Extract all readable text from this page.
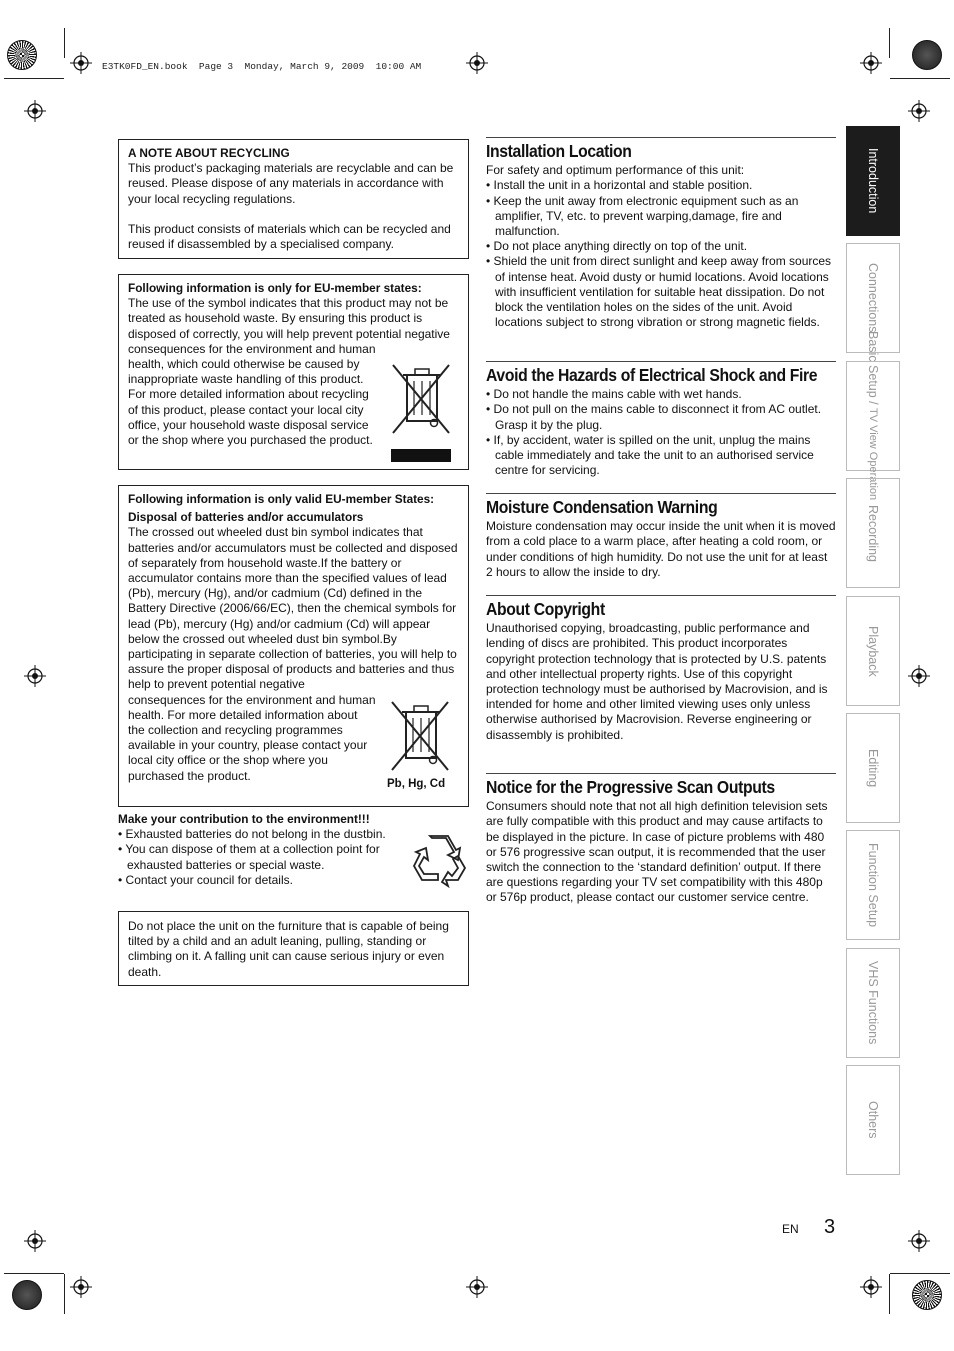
E3TK0FD_EN.book  Page 3  Monday, March 9, 2009  10:00 AM

A NOTE ABOUT RECYCLING

This product’s packaging materials are recyclable and can be reused. Please dispose of any materials in accordance with your local recycling regulations.

This product consists of materials which can be recycled and reused if disassembled by a specialised company.

Following information is only for EU-member states:

The use of the symbol indicates that this product may not be treated as household waste. By ensuring this product is disposed of correctly, you will help prevent potential negative consequences for the environment and human

health, which could otherwise be caused by inappropriate waste handling of this product. For more detailed information about recycling of this product, please contact your local city office, your household waste disposal service or the shop where you purchased the product.

Following information is only valid EU-member States:

Disposal of batteries and/or accumulators

The crossed out wheeled dust bin symbol indicates that batteries and/or accumulators must be collected and disposed of separately from household waste.If the battery or accumulator contains more than the specified values of lead (Pb), mercury (Hg), and/or cadmium (Cd) defined in the Battery Directive (2006/66/EC), then the chemical symbols for lead (Pb), mercury (Hg) and/or cadmium (Cd) will appear below the crossed out wheeled dust bin symbol.By participating in separate collection of batteries, you will help to assure the proper disposal of products and batteries and thus help to prevent potential negative

consequences for the environment and human health. For more detailed information about the collection and recycling programmes available in your country, please contact your local city office or the shop where you purchased the product.

Pb, Hg, Cd

Make your contribution to the environment!!!

• Exhausted batteries do not belong in the dustbin.
• You can dispose of them at a collection point for exhausted batteries or special waste.
• Contact your council for details.

Do not place the unit on the furniture that is capable of being tilted by a child and an adult leaning, pulling, standing or climbing on it. A falling unit can cause serious injury or even death.

Installation Location

For safety and optimum performance of this unit:

• Install the unit in a horizontal and stable position.
• Keep the unit away from electronic equipment such as an amplifier, TV, etc. to prevent warping,damage, fire and malfunction.
• Do not place anything directly on top of the unit.
• Shield the unit from direct sunlight and keep away from sources of intense heat. Avoid dusty or humid locations. Avoid locations with insufficient ventilation for suitable heat dissipation. Do not block the ventilation holes on the sides of the unit. Avoid locations subject to strong vibration or strong magnetic fields.
Avoid the Hazards of Electrical Shock and Fire
• Do not handle the mains cable with wet hands.
• Do not pull on the mains cable to disconnect it from AC outlet. Grasp it by the plug.
• If, by accident, water is spilled on the unit, unplug the mains cable immediately and take the unit to an authorised service centre for servicing.
Moisture Condensation Warning

Moisture condensation may occur inside the unit when it is moved from a cold place to a warm place, after heating a cold room, or under conditions of high humidity. Do not use the unit for at least 2 hours to allow the inside to dry.

About Copyright

Unauthorised copying, broadcasting, public performance and lending of discs are prohibited. This product incorporates copyright protection technology that is protected by U.S. patents and other intellectual property rights. Use of this copyright protection technology must be authorised by Macrovision, and is intended for home and other limited viewing uses only unless otherwise authorised by Macrovision. Reverse engineering or disassembly is prohibited.

Notice for the Progressive Scan Outputs

Consumers should note that not all high definition television sets are fully compatible with this product and may cause artifacts to be displayed in the picture. In case of picture problems with 480 or 576 progressive scan output, it is recommended that the user switch the connection to the ‘standard definition’ output. If there are questions regarding your TV set compatibility with this 480p or 576p product, please contact our customer service centre.

Introduction
Connections
Basic Setup / TV View Operation
Recording
Playback
Editing
Function Setup
VHS Functions
Others
EN 3
